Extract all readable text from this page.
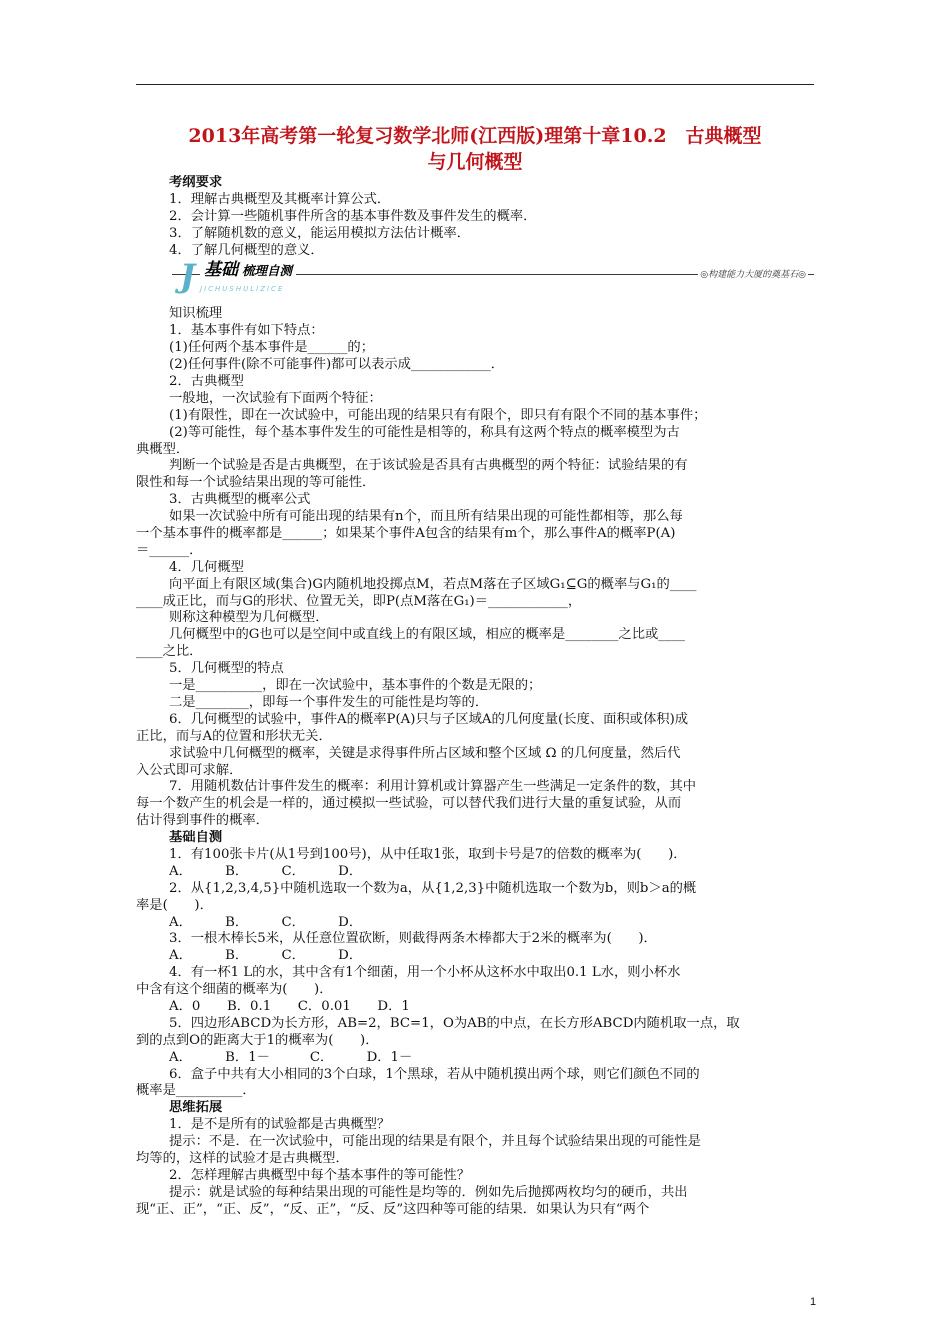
2013年高考第一轮复习数学北师(江西版)理第十章10.2　古典概型
与几何概型
考纲要求
1．理解古典概型及其概率计算公式．
2．会计算一些随机事件所含的基本事件数及事件发生的概率．
3．了解随机数的意义，能运用模拟方法估计概率．
4．了解几何概型的意义．
J 基础 梳理自测
JICHUSHULIZICE
◎构建能力大厦的奠基石◎
知识梳理
1．基本事件有如下特点：
(1)任何两个基本事件是______的；
(2)任何事件(除不可能事件)都可以表示成____________．
2．古典概型
一般地，一次试验有下面两个特征：
(1)有限性，即在一次试验中，可能出现的结果只有有限个，即只有有限个不同的基本事件；
(2)等可能性，每个基本事件发生的可能性是相等的，称具有这两个特点的概率模型为古
典概型．
判断一个试验是否是古典概型，在于该试验是否具有古典概型的两个特征：试验结果的有
限性和每一个试验结果出现的等可能性．
3．古典概型的概率公式
如果一次试验中所有可能出现的结果有n个，而且所有结果出现的可能性都相等，那么每
一个基本事件的概率都是______；如果某个事件A包含的结果有m个，那么事件A的概率P(A)
＝______．
4．几何概型
向平面上有限区域(集合)G内随机地投掷点M，若点M落在子区域G₁⊆G的概率与G₁的____
____成正比，而与G的形状、位置无关，即P(点M落在G₁)＝____________，
则称这种模型为几何概型．
几何概型中的G也可以是空间中或直线上的有限区域，相应的概率是________之比或____
____之比．
5．几何概型的特点
一是__________，即在一次试验中，基本事件的个数是无限的；
二是________，即每一个事件发生的可能性是均等的．
6．几何概型的试验中，事件A的概率P(A)只与子区域A的几何度量(长度、面积或体积)成
正比，而与A的位置和形状无关．
求试验中几何概型的概率，关键是求得事件所占区域和整个区域 Ω 的几何度量，然后代
入公式即可求解．
7．用随机数估计事件发生的概率：利用计算机或计算器产生一些满足一定条件的数，其中
每一个数产生的机会是一样的，通过模拟一些试验，可以替代我们进行大量的重复试验，从而
估计得到事件的概率．
基础自测
1．有100张卡片(从1号到100号)，从中任取1张，取到卡号是7的倍数的概率为(　　)．
A．　　　B．　　　C．　　　D．
2．从{1,2,3,4,5}中随机选取一个数为a，从{1,2,3}中随机选取一个数为b，则b＞a的概
率是(　　)．
A．　　　B．　　　C．　　　D．
3．一根木棒长5米，从任意位置砍断，则截得两条木棒都大于2米的概率为(　　)．
A．　　　B．　　　C．　　　D．
4．有一杯1 L的水，其中含有1个细菌，用一个小杯从这杯水中取出0.1 L水，则小杯水
中含有这个细菌的概率为(　　)．
A．0　　B．0.1　　C．0.01　　D．1
5．四边形ABCD为长方形，AB=2，BC=1，O为AB的中点，在长方形ABCD内随机取一点，取
到的点到O的距离大于1的概率为(　　)．
A．　　　B．1－　　　C．　　　D．1－
6．盒子中共有大小相同的3个白球，1个黑球，若从中随机摸出两个球，则它们颜色不同的
概率是__________．
思维拓展
1．是不是所有的试验都是古典概型？
提示：不是．在一次试验中，可能出现的结果是有限个，并且每个试验结果出现的可能性是
均等的，这样的试验才是古典概型．
2．怎样理解古典概型中每个基本事件的等可能性？
提示：就是试验的每种结果出现的可能性是均等的．例如先后抛掷两枚均匀的硬币，共出
现“正、正”，“正、反”，“反、正”，“反、反”这四种等可能的结果．如果认为只有“两个
1
